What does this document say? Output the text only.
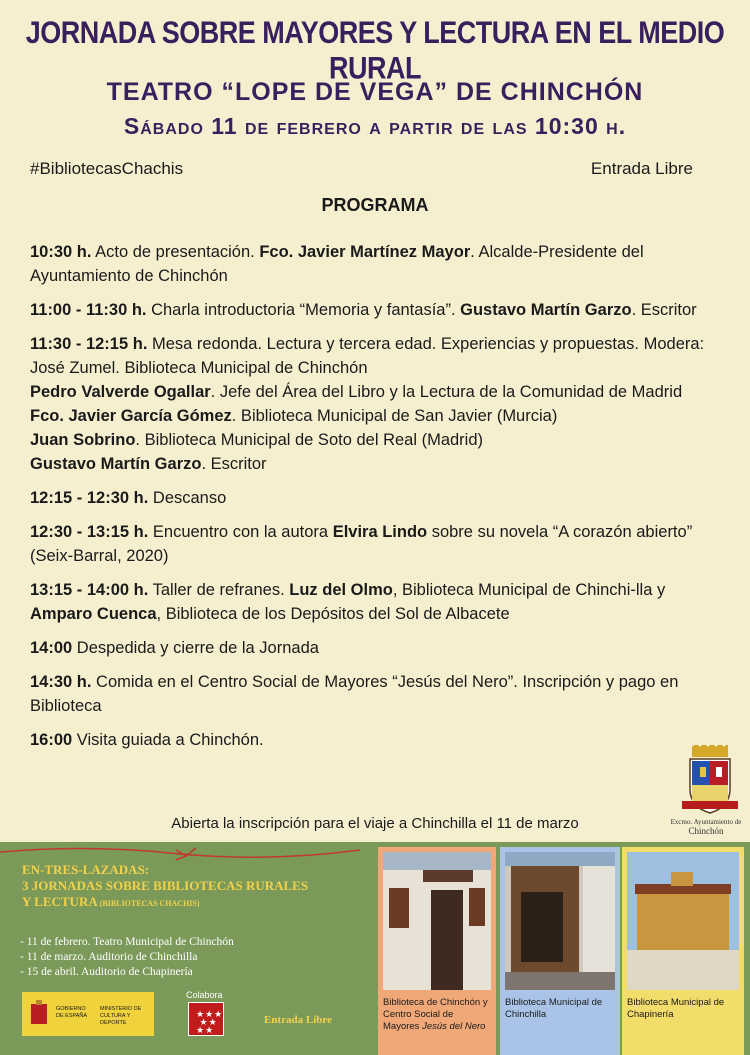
JORNADA SOBRE MAYORES Y LECTURA EN EL MEDIO RURAL
TEATRO “LOPE DE VEGA” DE CHINCHÓN
Sábado 11 de febrero a partir de las 10:30 h.
#BibliotecasChachis	Entrada Libre
PROGRAMA
10:30 h. Acto de presentación. Fco. Javier Martínez Mayor. Alcalde-Presidente del Ayuntamiento de Chinchón
11:00 - 11:30 h. Charla introductoria “Memoria y fantasía”. Gustavo Martín Garzo. Escritor
11:30 - 12:15 h. Mesa redonda. Lectura y tercera edad. Experiencias y propuestas. Modera: José Zumel. Biblioteca Municipal de Chinchón
Pedro Valverde Ogallar. Jefe del Área del Libro y la Lectura de la Comunidad de Madrid
Fco. Javier García Gómez. Biblioteca Municipal de San Javier (Murcia)
Juan Sobrino. Biblioteca Municipal de Soto del Real (Madrid)
Gustavo Martín Garzo. Escritor
12:15 - 12:30 h. Descanso
12:30 - 13:15 h. Encuentro con la autora Elvira Lindo sobre su novela “A corazón abierto” (Seix-Barral, 2020)
13:15 - 14:00 h. Taller de refranes. Luz del Olmo, Biblioteca Municipal de Chinchi-lla y Amparo Cuenca, Biblioteca de los Depósitos del Sol de Albacete
14:00 Despedida y cierre de la Jornada
14:30 h. Comida en el Centro Social de Mayores “Jesús del Nero”. Inscripción y pago en Biblioteca
16:00 Visita guiada a Chinchón.
Excmo. Ayuntamiento de
Chinchón
Abierta la inscripción para el viaje a Chinchilla el 11 de marzo
EN-TRES-LAZADAS:
3 JORNADAS SOBRE BIBLIOTECAS RURALES
Y LECTURA (BIBLIOTECAS CHACHIS)
- 11 de febrero. Teatro Municipal de Chinchón
- 11 de marzo. Auditorio de Chinchilla
- 15 de abril. Auditorio de Chapinería
GOBIERNO DE ESPAÑA
MINISTERIO DE CULTURA Y DEPORTE
Colabora
★★★
★★
★★
Entrada Libre
Biblioteca de Chinchón y Centro Social de Mayores Jesús del Nero
Biblioteca Municipal de Chinchilla
Biblioteca Municipal de Chapinería
